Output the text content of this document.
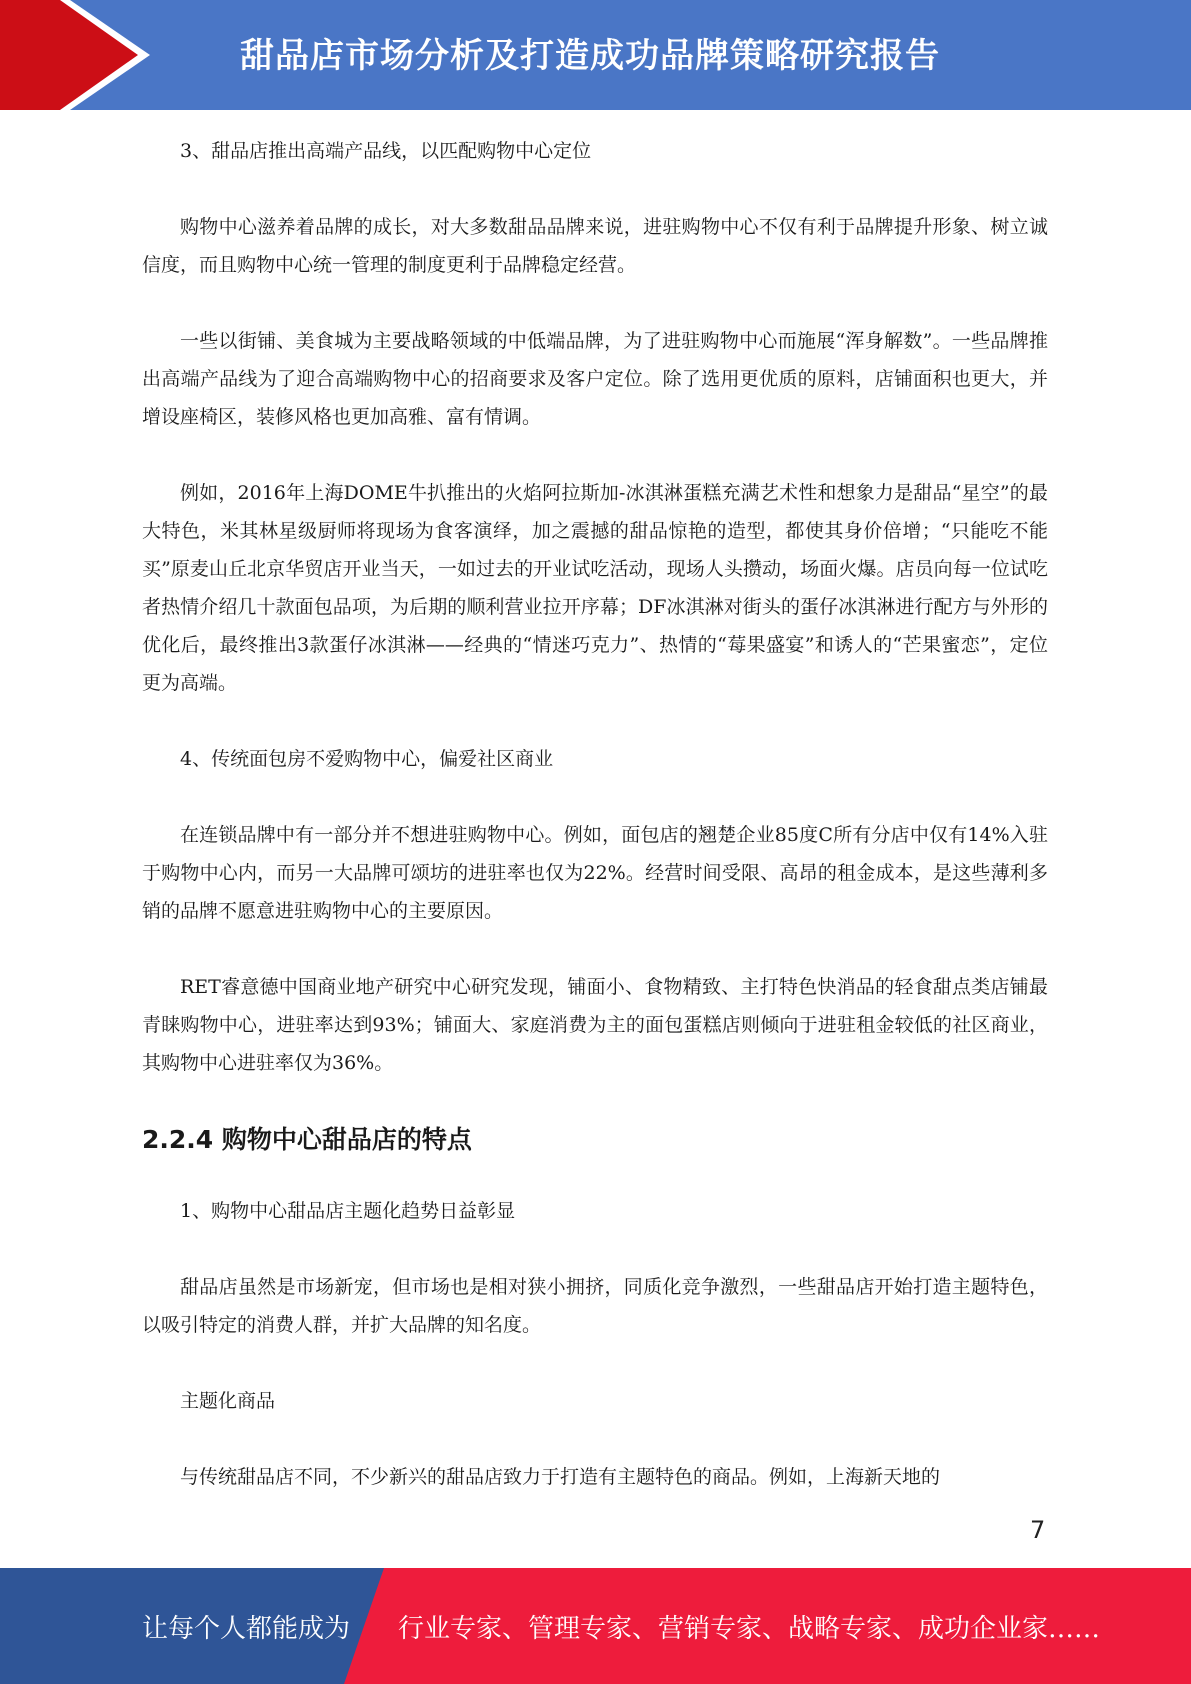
甜品店市场分析及打造成功品牌策略研究报告

3、甜品店推出高端产品线，以匹配购物中心定位

购物中心滋养着品牌的成长，对大多数甜品品牌来说，进驻购物中心不仅有利于品牌提升形象、树立诚信度，而且购物中心统一管理的制度更利于品牌稳定经营。

一些以街铺、美食城为主要战略领域的中低端品牌，为了进驻购物中心而施展“浑身解数”。一些品牌推出高端产品线为了迎合高端购物中心的招商要求及客户定位。除了选用更优质的原料，店铺面积也更大，并增设座椅区，装修风格也更加高雅、富有情调。

例如，2016年上海DOME牛扒推出的火焰阿拉斯加-冰淇淋蛋糕充满艺术性和想象力是甜品“星空”的最大特色，米其林星级厨师将现场为食客演绎，加之震撼的甜品惊艳的造型，都使其身价倍增；“只能吃不能买”原麦山丘北京华贸店开业当天，一如过去的开业试吃活动，现场人头攒动，场面火爆。店员向每一位试吃者热情介绍几十款面包品项，为后期的顺利营业拉开序幕；DF冰淇淋对街头的蛋仔冰淇淋进行配方与外形的优化后，最终推出3款蛋仔冰淇淋——经典的“情迷巧克力”、热情的“莓果盛宴”和诱人的“芒果蜜恋”，定位更为高端。

4、传统面包房不爱购物中心，偏爱社区商业

在连锁品牌中有一部分并不想进驻购物中心。例如，面包店的翘楚企业85度C所有分店中仅有14%入驻于购物中心内，而另一大品牌可颂坊的进驻率也仅为22%。经营时间受限、高昂的租金成本，是这些薄利多销的品牌不愿意进驻购物中心的主要原因。

RET睿意德中国商业地产研究中心研究发现，铺面小、食物精致、主打特色快消品的轻食甜点类店铺最青睐购物中心，进驻率达到93%；铺面大、家庭消费为主的面包蛋糕店则倾向于进驻租金较低的社区商业，其购物中心进驻率仅为36%。

2.2.4 购物中心甜品店的特点

1、购物中心甜品店主题化趋势日益彰显

甜品店虽然是市场新宠，但市场也是相对狭小拥挤，同质化竞争激烈，一些甜品店开始打造主题特色，以吸引特定的消费人群，并扩大品牌的知名度。

主题化商品

与传统甜品店不同，不少新兴的甜品店致力于打造有主题特色的商品。例如，上海新天地的

7
让每个人都能成为 行业专家、管理专家、营销专家、战略专家、成功企业家……
